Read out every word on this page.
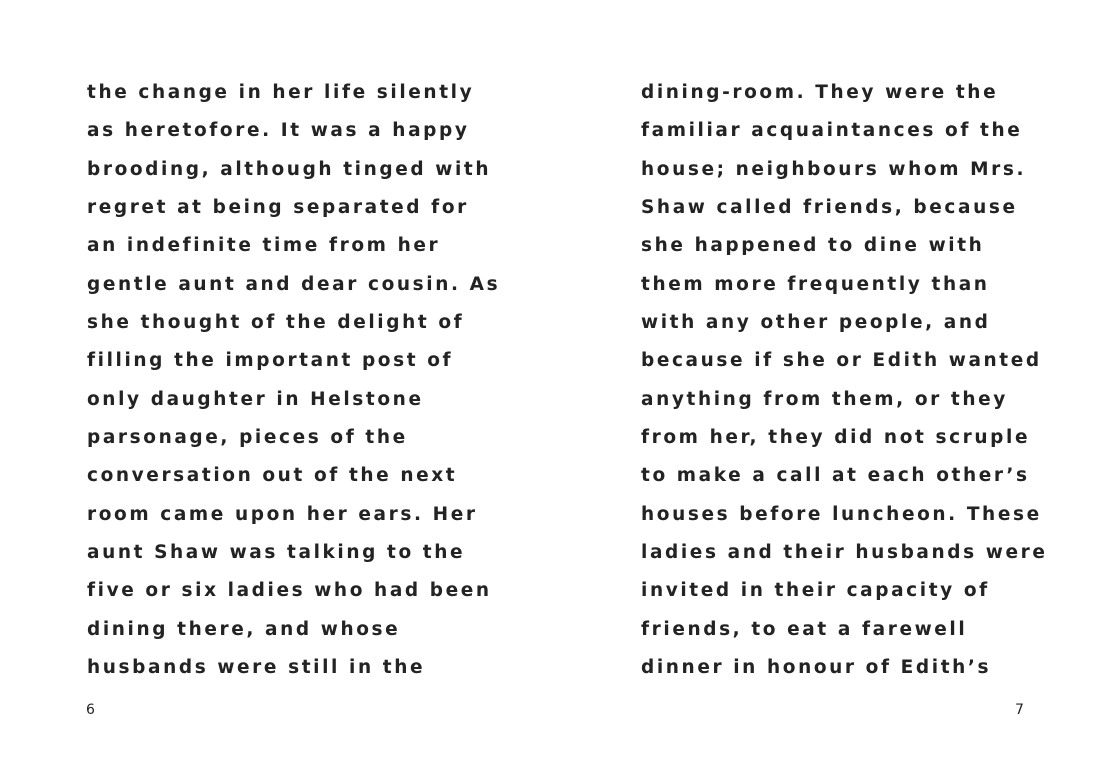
the change in her life silently
as heretofore. It was a happy
brooding, although tinged with
regret at being separated for
an indefinite time from her
gentle aunt and dear cousin. As
she thought of the delight of
filling the important post of
only daughter in Helstone
parsonage, pieces of the
conversation out of the next
room came upon her ears. Her
aunt Shaw was talking to the
five or six ladies who had been
dining there, and whose
husbands were still in the
6
dining-room. They were the
familiar acquaintances of the
house; neighbours whom Mrs.
Shaw called friends, because
she happened to dine with
them more frequently than
with any other people, and
because if she or Edith wanted
anything from them, or they
from her, they did not scruple
to make a call at each other’s
houses before luncheon. These
ladies and their husbands were
invited in their capacity of
friends, to eat a farewell
dinner in honour of Edith’s
7
